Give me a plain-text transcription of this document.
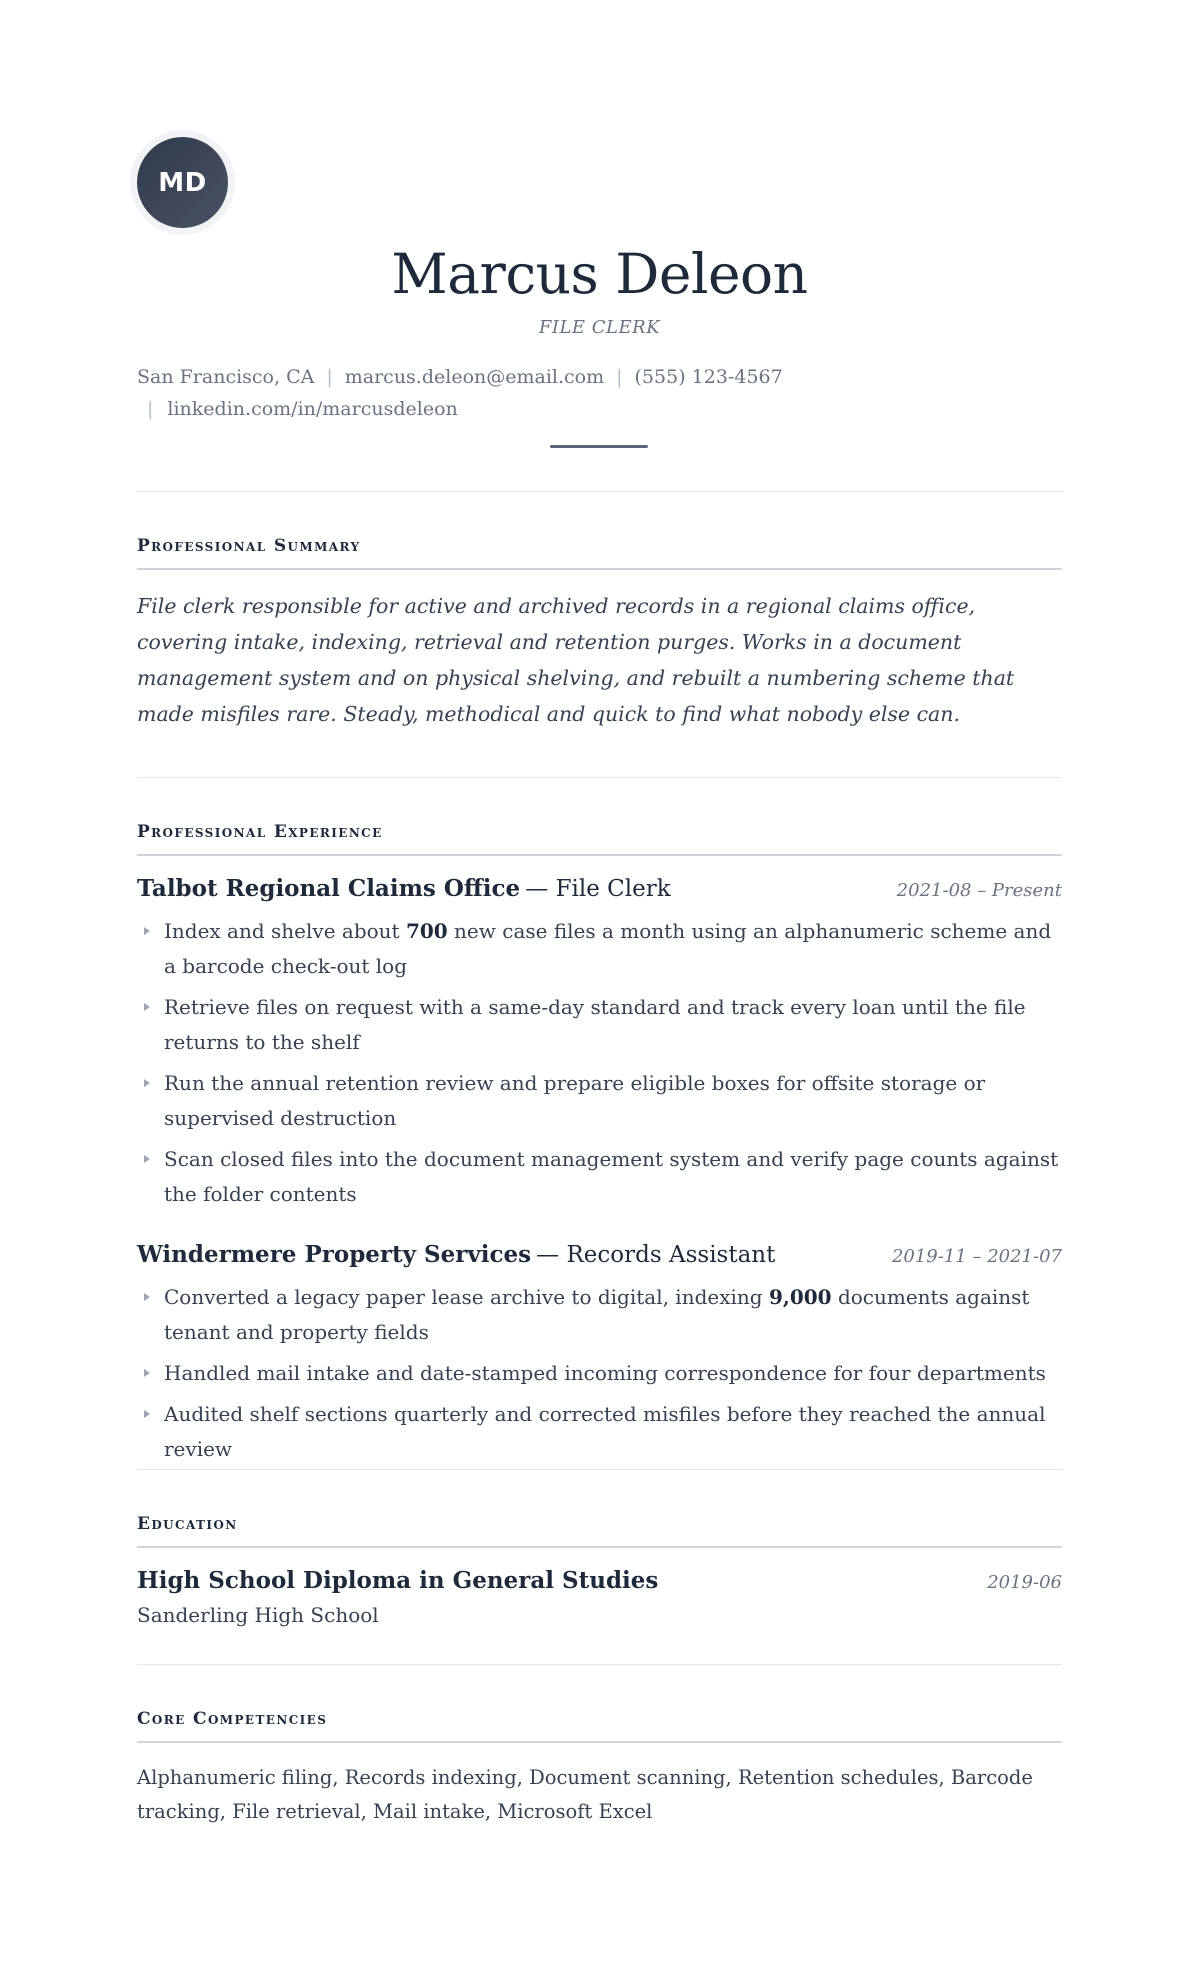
MD
Marcus Deleon
FILE CLERK
San Francisco, CA | marcus.deleon@email.com | (555) 123-4567
| linkedin.com/in/marcusdeleon
Professional Summary
File clerk responsible for active and archived records in a regional claims office, covering intake, indexing, retrieval and retention purges. Works in a document management system and on physical shelving, and rebuilt a numbering scheme that made misfiles rare. Steady, methodical and quick to find what nobody else can.
Professional Experience
Talbot Regional Claims Office — File Clerk	2021-08 – Present
Index and shelve about 700 new case files a month using an alphanumeric scheme and a barcode check-out log
Retrieve files on request with a same-day standard and track every loan until the file returns to the shelf
Run the annual retention review and prepare eligible boxes for offsite storage or supervised destruction
Scan closed files into the document management system and verify page counts against the folder contents
Windermere Property Services — Records Assistant	2019-11 – 2021-07
Converted a legacy paper lease archive to digital, indexing 9,000 documents against tenant and property fields
Handled mail intake and date-stamped incoming correspondence for four departments
Audited shelf sections quarterly and corrected misfiles before they reached the annual review
Education
High School Diploma in General Studies	2019-06
Sanderling High School
Core Competencies
Alphanumeric filing, Records indexing, Document scanning, Retention schedules, Barcode tracking, File retrieval, Mail intake, Microsoft Excel
